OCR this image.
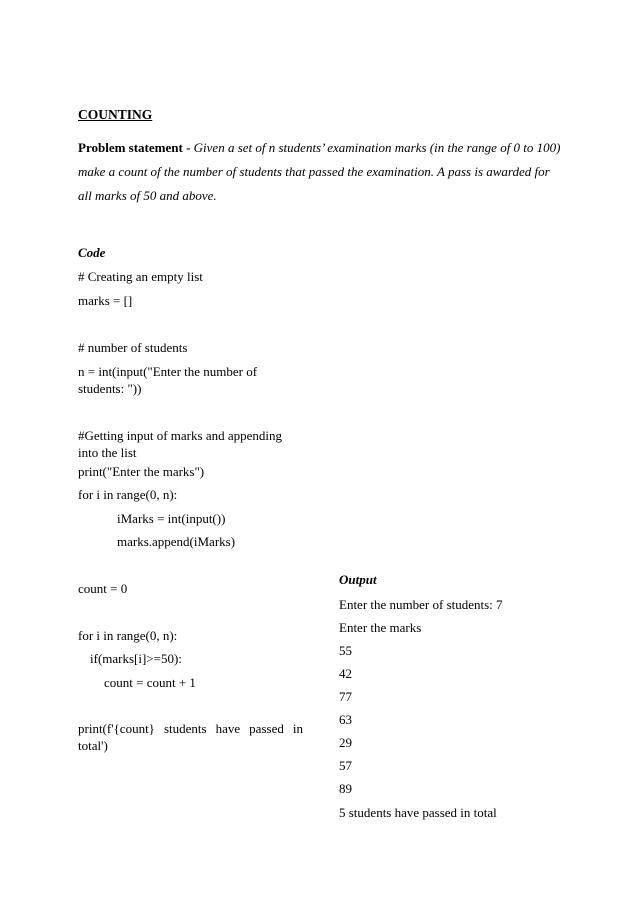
COUNTING
Problem statement - Given a set of n students’ examination marks (in the range of 0 to 100) make a count of the number of students that passed the examination. A pass is awarded for all marks of 50 and above.
Code
# Creating an empty list
marks = []
# number of students
n = int(input("Enter the number of students: "))
#Getting input of marks and appending into the list
print("Enter the marks")
for i in range(0, n):
iMarks = int(input())
marks.append(iMarks)
count = 0
for i in range(0, n):
if(marks[i]>=50):
count = count + 1
print(f'{count} students have passed in total')
Output
Enter the number of students: 7
Enter the marks
55
42
77
63
29
57
89
5 students have passed in total
